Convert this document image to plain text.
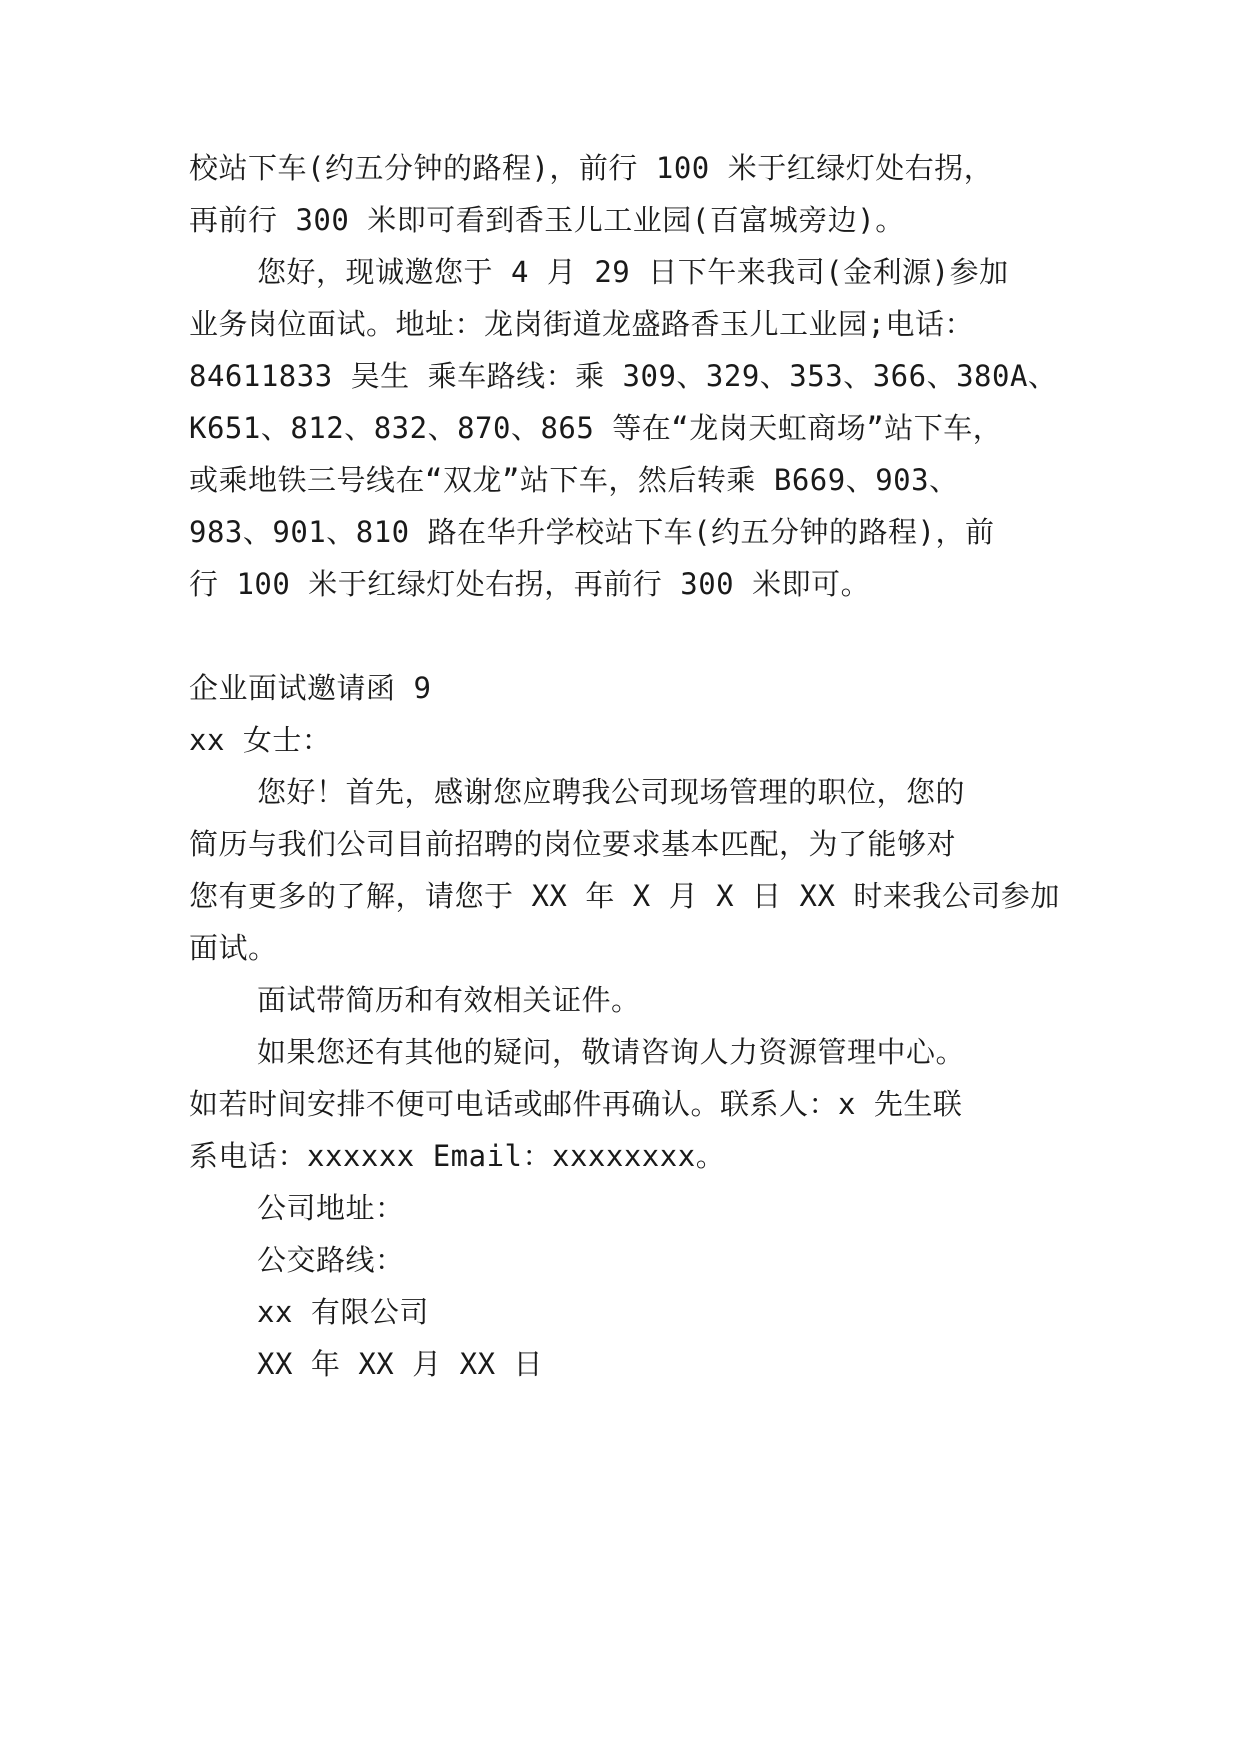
校站下车(约五分钟的路程)，前行 100 米于红绿灯处右拐，
再前行 300 米即可看到香玉儿工业园(百富城旁边)。
您好，现诚邀您于 4 月 29 日下午来我司(金利源)参加
业务岗位面试。地址：龙岗街道龙盛路香玉儿工业园;电话：
84611833 吴生 乘车路线：乘 309、329、353、366、380A、
K651、812、832、870、865 等在“龙岗天虹商场”站下车，
或乘地铁三号线在“双龙”站下车，然后转乘 B669、903、
983、901、810 路在华升学校站下车(约五分钟的路程)，前
行 100 米于红绿灯处右拐，再前行 300 米即可。
企业面试邀请函 9
xx 女士：
您好！首先，感谢您应聘我公司现场管理的职位，您的
简历与我们公司目前招聘的岗位要求基本匹配，为了能够对
您有更多的了解，请您于 XX 年 X 月 X 日 XX 时来我公司参加
面试。
面试带简历和有效相关证件。
如果您还有其他的疑问，敬请咨询人力资源管理中心。
如若时间安排不便可电话或邮件再确认。联系人：x 先生联
系电话：xxxxxx Email：xxxxxxxx。
公司地址：
公交路线：
xx 有限公司
XX 年 XX 月 XX 日
